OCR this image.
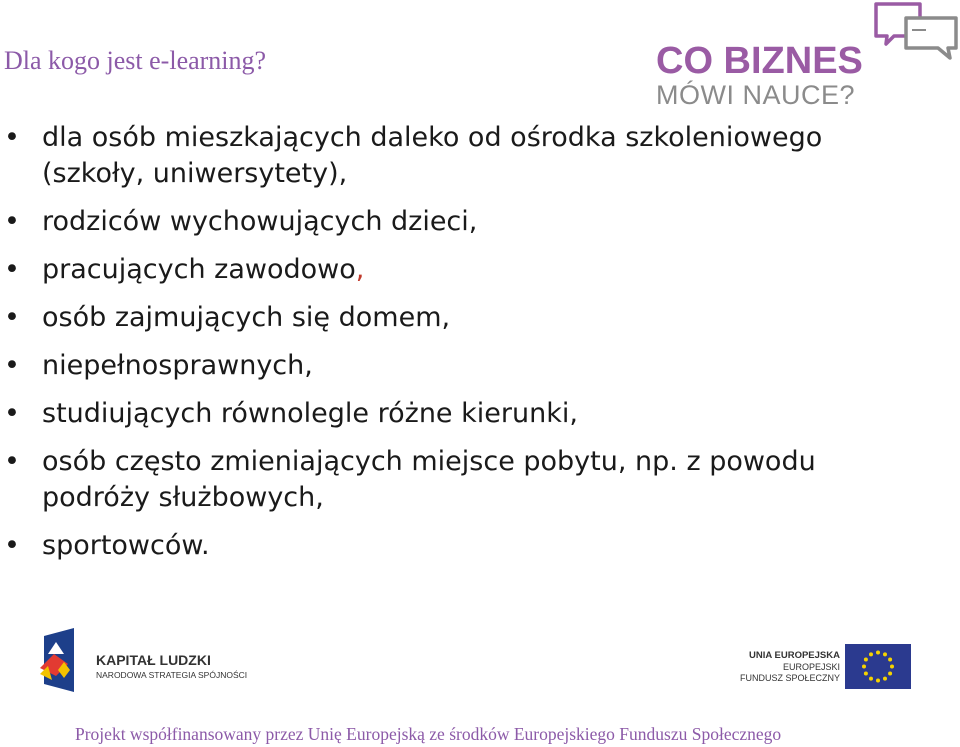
Dla kogo jest e-learning?	CO BIZNES
MÓWI NAUCE?
• dla osób mieszkających daleko od ośrodka szkoleniowego (szkoły, uniwersytety),
• rodziców wychowujących dzieci,
• pracujących zawodowo,
• osób zajmujących się domem,
• niepełnosprawnych,
• studiujących równolegle różne kierunki,
• osób często zmieniających miejsce pobytu, np. z powodu podróży służbowych,
• sportowców.
KAPITAŁ LUDZKI
NARODOWA STRATEGIA SPÓJNOŚCI
UNIA EUROPEJSKA
EUROPEJSKI
FUNDUSZ SPOŁECZNY
Projekt współfinansowany przez Unię Europejską ze środków Europejskiego Funduszu Społecznego
